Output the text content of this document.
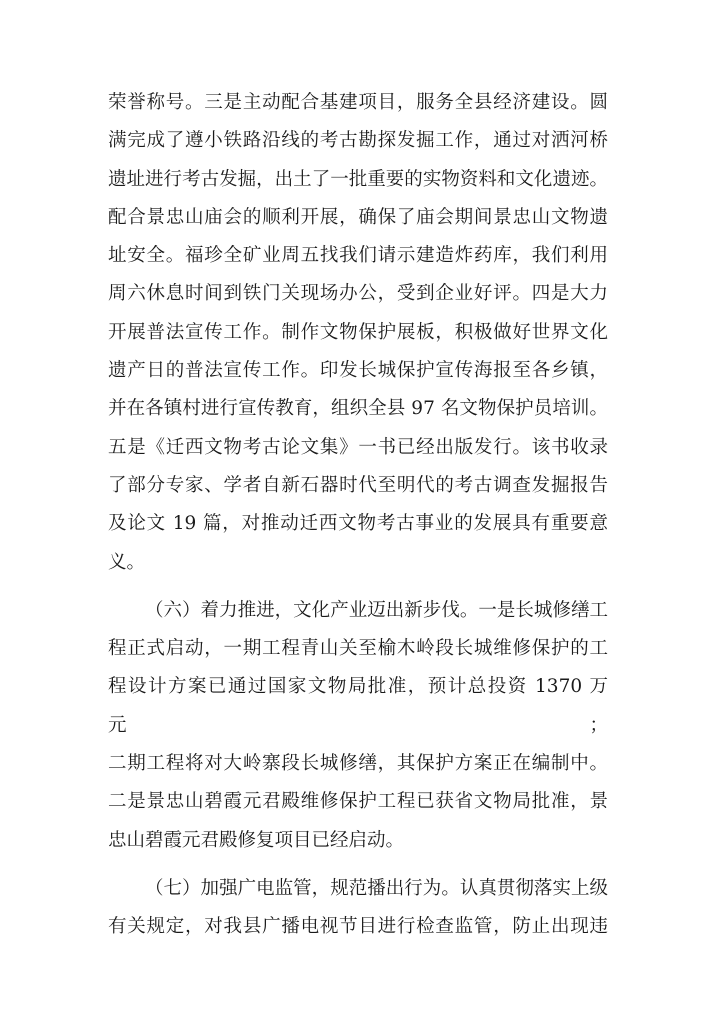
荣誉称号。三是主动配合基建项目，服务全县经济建设。圆
满完成了遵小铁路沿线的考古勘探发掘工作，通过对洒河桥
遗址进行考古发掘，出土了一批重要的实物资料和文化遗迹。
配合景忠山庙会的顺利开展，确保了庙会期间景忠山文物遗
址安全。福珍全矿业周五找我们请示建造炸药库，我们利用
周六休息时间到铁门关现场办公，受到企业好评。四是大力
开展普法宣传工作。制作文物保护展板，积极做好世界文化
遗产日的普法宣传工作。印发长城保护宣传海报至各乡镇，
并在各镇村进行宣传教育，组织全县 97 名文物保护员培训。
五是《迁西文物考古论文集》一书已经出版发行。该书收录
了部分专家、学者自新石器时代至明代的考古调查发掘报告
及论文 19 篇，对推动迁西文物考古事业的发展具有重要意
义。
（六）着力推进，文化产业迈出新步伐。一是长城修缮工
程正式启动，一期工程青山关至榆木岭段长城维修保护的工
程设计方案已通过国家文物局批准，预计总投资 1370 万元；
二期工程将对大岭寨段长城修缮，其保护方案正在编制中。
二是景忠山碧霞元君殿维修保护工程已获省文物局批准，景
忠山碧霞元君殿修复项目已经启动。
（七）加强广电监管，规范播出行为。认真贯彻落实上级
有关规定，对我县广播电视节目进行检查监管，防止出现违
